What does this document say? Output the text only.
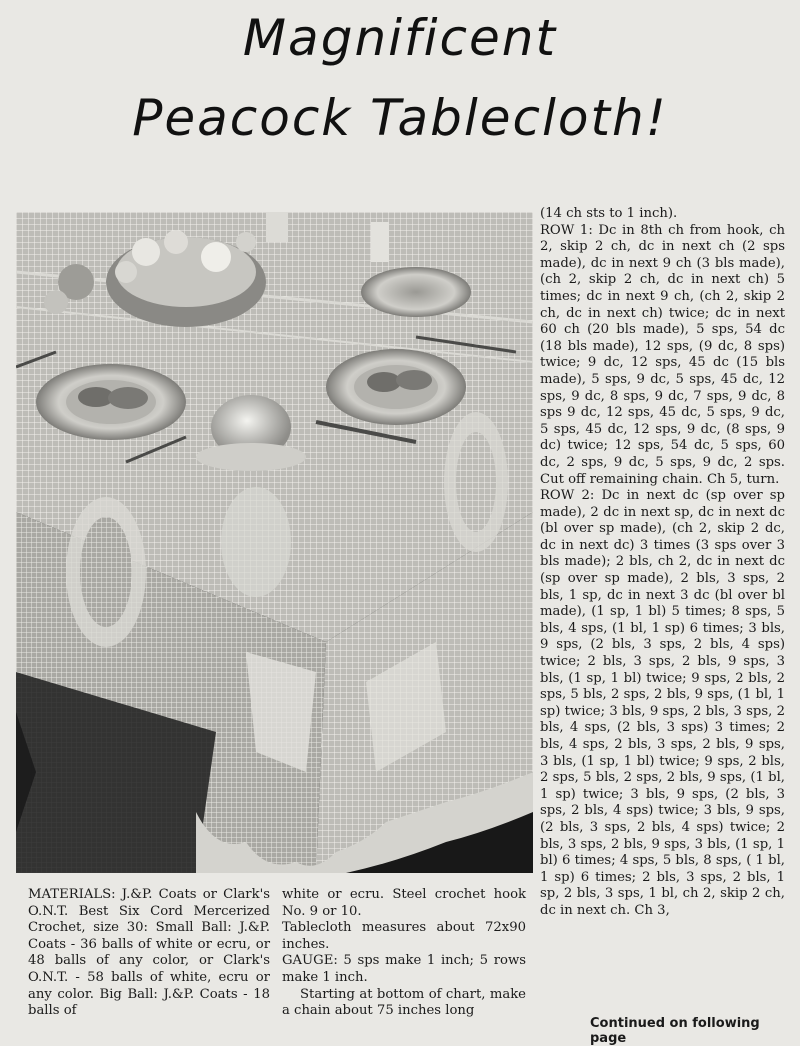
Magnificent
Peacock Tablecloth!

(14 ch sts to 1 inch).

ROW 1: Dc in 8th ch from hook, ch 2, skip 2 ch, dc in next ch (2 sps made), dc in next 9 ch (3 bls made), (ch 2, skip 2 ch, dc in next ch) 5 times; dc in next 9 ch, (ch 2, skip 2 ch, dc in next ch) twice; dc in next 60 ch (20 bls made), 5 sps, 54 dc (18 bls made), 12 sps, (9 dc, 8 sps) twice; 9 dc, 12 sps, 45 dc (15 bls made), 5 sps, 9 dc, 5 sps, 45 dc, 12 sps, 9 dc, 8 sps, 9 dc, 7 sps, 9 dc, 8 sps 9 dc, 12 sps, 45 dc, 5 sps, 9 dc, 5 sps, 45 dc, 12 sps, 9 dc, (8 sps, 9 dc) twice; 12 sps, 54 dc, 5 sps, 60 dc, 2 sps, 9 dc, 5 sps, 9 dc, 2 sps. Cut off remaining chain. Ch 5, turn.

ROW 2: Dc in next dc (sp over sp made), 2 dc in next sp, dc in next dc (bl over sp made), (ch 2, skip 2 dc, dc in next dc) 3 times (3 sps over 3 bls made); 2 bls, ch 2, dc in next dc (sp over sp made), 2 bls, 3 sps, 2 bls, 1 sp, dc in next 3 dc (bl over bl made), (1 sp, 1 bl) 5 times; 8 sps, 5 bls, 4 sps, (1 bl, 1 sp) 6 times; 3 bls, 9 sps, (2 bls, 3 sps, 2 bls, 4 sps) twice; 2 bls, 3 sps, 2 bls, 9 sps, 3 bls, (1 sp, 1 bl) twice; 9 sps, 2 bls, 2 sps, 5 bls, 2 sps, 2 bls, 9 sps, (1 bl, 1 sp) twice; 3 bls, 9 sps, 2 bls, 3 sps, 2 bls, 4 sps, (2 bls, 3 sps) 3 times; 2 bls, 4 sps, 2 bls, 3 sps, 2 bls, 9 sps, 3 bls, (1 sp, 1 bl) twice; 9 sps, 2 bls, 2 sps, 5 bls, 2 sps, 2 bls, 9 sps, (1 bl, 1 sp) twice; 3 bls, 9 sps, (2 bls, 3 sps, 2 bls, 4 sps) twice; 3 bls, 9 sps, (2 bls, 3 sps, 2 bls, 4 sps) twice; 2 bls, 3 sps, 2 bls, 9 sps, 3 bls, (1 sp, 1 bl) 6 times; 4 sps, 5 bls, 8 sps, ( 1 bl, 1 sp) 6 times; 2 bls, 3 sps, 2 bls, 1 sp, 2 bls, 3 sps, 1 bl, ch 2, skip 2 ch, dc in next ch. Ch 3,

MATERIALS: J.&P. Coats or Clark's O.N.T. Best Six Cord Mercerized Crochet, size 30: Small Ball: J.&P. Coats - 36 balls of white or ecru, or 48 balls of any color, or Clark's O.N.T. - 58 balls of white, ecru or any color. Big Ball: J.&P. Coats - 18 balls of

white or ecru. Steel crochet hook No. 9 or 10.

Tablecloth measures about 72x90 inches.

GAUGE: 5 sps make 1 inch; 5 rows make 1 inch.

Starting at bottom of chart, make a chain about 75 inches long

Continued on following page
